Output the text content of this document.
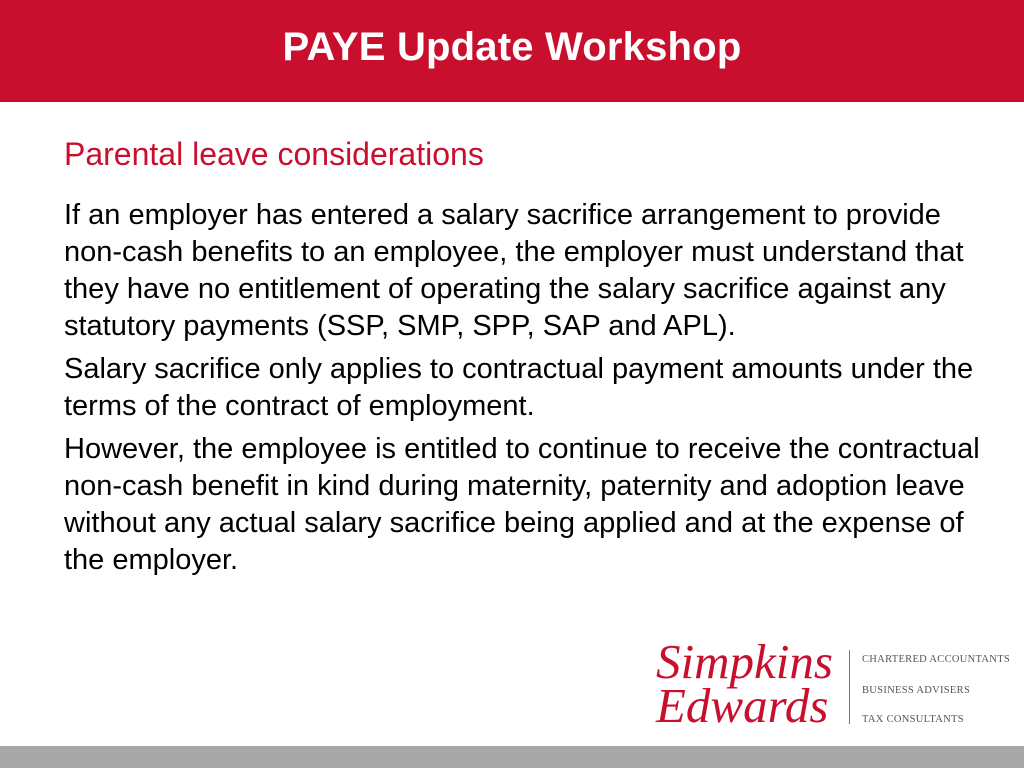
PAYE Update Workshop
Parental leave considerations

If an employer has entered a salary sacrifice arrangement to provide non-cash benefits to an employee, the employer must understand that they have no entitlement of operating the salary sacrifice against any statutory payments (SSP, SMP, SPP, SAP and APL).

Salary sacrifice only applies to contractual payment amounts under the terms of the contract of employment.

However, the employee is entitled to continue to receive the contractual non-cash benefit in kind during maternity, paternity and adoption leave without any actual salary sacrifice being applied and at the expense of the employer.

Simpkins
Edwards
CHARTERED ACCOUNTANTS
BUSINESS ADVISERS
TAX CONSULTANTS
